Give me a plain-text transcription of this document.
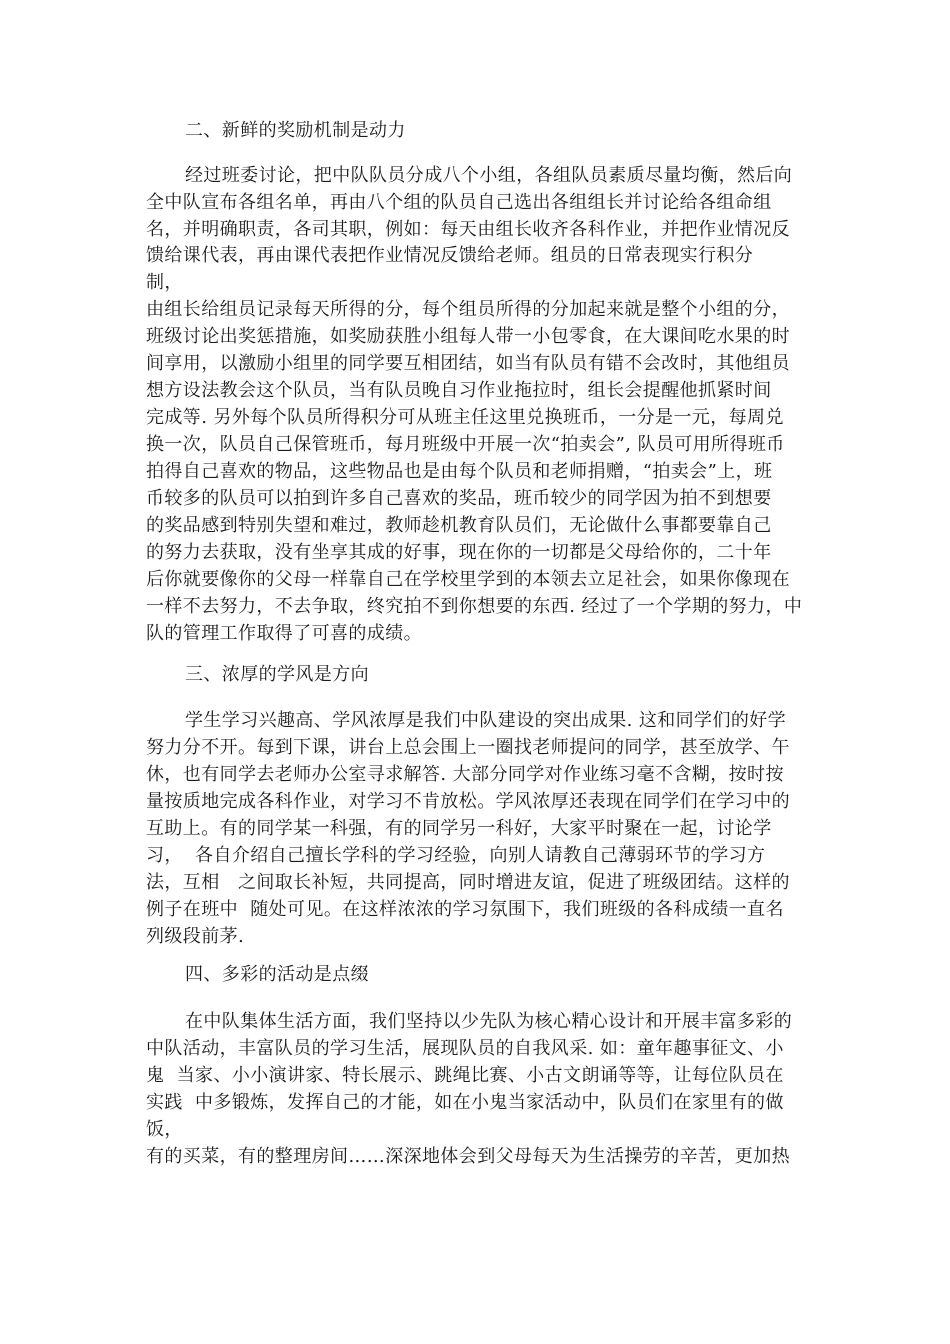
二、新鲜的奖励机制是动力
经过班委讨论，把中队队员分成八个小组，各组队员素质尽量均衡，然后向
全中队宣布各组名单，再由八个组的队员自己选出各组组长并讨论给各组命组
名，并明确职责，各司其职，例如：每天由组长收齐各科作业，并把作业情况反
馈给课代表，再由课代表把作业情况反馈给老师。组员的日常表现实行积分
制，
由组长给组员记录每天所得的分，每个组员所得的分加起来就是整个小组的分，
班级讨论出奖惩措施，如奖励获胜小组每人带一小包零食，在大课间吃水果的时
间享用，以激励小组里的同学要互相团结，如当有队员有错不会改时，其他组员
想方设法教会这个队员，当有队员晚自习作业拖拉时，组长会提醒他抓紧时间
完成等. 另外每个队员所得积分可从班主任这里兑换班币，一分是一元，每周兑
换一次，队员自己保管班币，每月班级中开展一次“拍卖会”, 队员可用所得班币
拍得自己喜欢的物品，这些物品也是由每个队员和老师捐赠，“拍卖会”上，班
币较多的队员可以拍到许多自己喜欢的奖品，班币较少的同学因为拍不到想要
的奖品感到特别失望和难过，教师趁机教育队员们，无论做什么事都要靠自己
的努力去获取，没有坐享其成的好事，现在你的一切都是父母给你的，二十年
后你就要像你的父母一样靠自己在学校里学到的本领去立足社会，如果你像现在
一样不去努力，不去争取，终究拍不到你想要的东西. 经过了一个学期的努力，中
队的管理工作取得了可喜的成绩。
三、浓厚的学风是方向
学生学习兴趣高、学风浓厚是我们中队建设的突出成果. 这和同学们的好学
努力分不开。每到下课，讲台上总会围上一圈找老师提问的同学，甚至放学、午
休，也有同学去老师办公室寻求解答. 大部分同学对作业练习毫不含糊，按时按
量按质地完成各科作业，对学习不肯放松。学风浓厚还表现在同学们在学习中的
互助上。有的同学某一科强，有的同学另一科好，大家平时聚在一起，讨论学
习，  各自介绍自己擅长学科的学习经验，向别人请教自己薄弱环节的学习方
法，互相   之间取长补短，共同提高，同时增进友谊，促进了班级团结。这样的
例子在班中  随处可见。在这样浓浓的学习氛围下，我们班级的各科成绩一直名
列级段前茅.
四、多彩的活动是点缀
在中队集体生活方面，我们坚持以少先队为核心精心设计和开展丰富多彩的
中队活动，丰富队员的学习生活，展现队员的自我风采. 如：童年趣事征文、小
鬼  当家、小小演讲家、特长展示、跳绳比赛、小古文朗诵等等，让每位队员在
实践  中多锻炼，发挥自己的才能，如在小鬼当家活动中，队员们在家里有的做
饭，
有的买菜，有的整理房间……深深地体会到父母每天为生活操劳的辛苦，更加热
